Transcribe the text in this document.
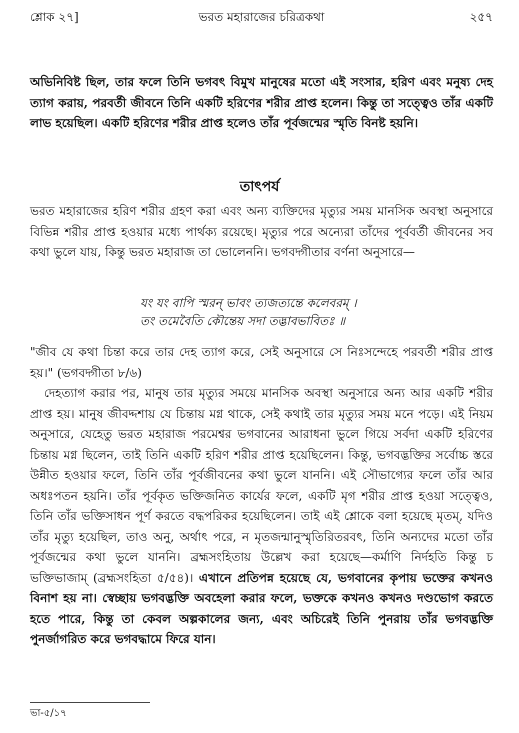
শ্লোক ২৭]	ভরত মহারাজের চরিত্রকথা	২৫৭
অভিনিবিষ্ট ছিল, তার ফলে তিনি ভগবৎ বিমুখ মানুষের মতো এই সংসার, হরিণ এবং মনুষ্য দেহ ত্যাগ করায়, পরবর্তী জীবনে তিনি একটি হরিণের শরীর প্রাপ্ত হলেন। কিন্তু তা সত্ত্বেও তাঁর একটি লাভ হয়েছিল। একটি হরিণের শরীর প্রাপ্ত হলেও তাঁর পূর্বজন্মের স্মৃতি বিনষ্ট হয়নি।
তাৎপর্য
ভরত মহারাজের হরিণ শরীর গ্রহণ করা এবং অন্য ব্যক্তিদের মৃত্যুর সময় মানসিক অবস্থা অনুসারে বিভিন্ন শরীর প্রাপ্ত হওয়ার মধ্যে পার্থক্য রয়েছে। মৃত্যুর পরে অন্যেরা তাঁদের পূর্ববর্তী জীবনের সব কথা ভুলে যায়, কিন্তু ভরত মহারাজ তা ভোলেননি। ভগবদ্গীতার বর্ণনা অনুসারে—
যং যং বাপি স্মরন্ ভাবং ত্যজত্যন্তে কলেবরম্ ।
তং তমেবৈতি কৌন্তেয় সদা তদ্ভাবভাবিতঃ ॥
"জীব যে কথা চিন্তা করে তার দেহ ত্যাগ করে, সেই অনুসারে সে নিঃসন্দেহে পরবর্তী শরীর প্রাপ্ত হয়।" (ভগবদ্গীতা ৮/৬)
দেহত্যাগ করার পর, মানুষ তার মৃত্যুর সময়ে মানসিক অবস্থা অনুসারে অন্য আর একটি শরীর প্রাপ্ত হয়। মানুষ জীবদ্দশায় যে চিন্তায় মগ্ন থাকে, সেই কথাই তার মৃত্যুর সময় মনে পড়ে। এই নিয়ম অনুসারে, যেহেতু ভরত মহারাজ পরমেশ্বর ভগবানের আরাধনা ভুলে গিয়ে সর্বদা একটি হরিণের চিন্তায় মগ্ন ছিলেন, তাই তিনি একটি হরিণ শরীর প্রাপ্ত হয়েছিলেন। কিন্তু, ভগবদ্ভক্তির সর্বোচ্চ স্তরে উন্নীত হওয়ার ফলে, তিনি তাঁর পূর্বজীবনের কথা ভুলে যাননি। এই সৌভাগ্যের ফলে তাঁর আর অধঃপতন হয়নি। তাঁর পূর্বকৃত ভক্তিজনিত কার্যের ফলে, একটি মৃগ শরীর প্রাপ্ত হওয়া সত্ত্বেও, তিনি তাঁর ভক্তিসাধন পূর্ণ করতে বদ্ধপরিকর হয়েছিলেন। তাই এই শ্লোকে বলা হয়েছে মৃতম্, যদিও তাঁর মৃত্যু হয়েছিল, তাও অনু, অর্থাৎ পরে, ন মৃতজন্মানুস্মৃতিরিতরবৎ, তিনি অন্যদের মতো তাঁর পূর্বজন্মের কথা ভুলে যাননি। ব্রহ্মসংহিতায় উল্লেখ করা হয়েছে—কর্মাণি নির্দহতি কিন্তু চ ভক্তিভাজাম্ (ব্রহ্মসংহিতা ৫/৫৪)। এখানে প্রতিপন্ন হয়েছে যে, ভগবানের কৃপায় ভক্তের কখনও বিনাশ হয় না। স্বেচ্ছায় ভগবদ্ভক্তি অবহেলা করার ফলে, ভক্তকে কখনও কখনও দণ্ডভোগ করতে হতে পারে, কিন্তু তা কেবল অল্পকালের জন্য, এবং অচিরেই তিনি পুনরায় তাঁর ভগবদ্ভক্তি পুনর্জাগরিত করে ভগবদ্ধামে ফিরে যান।
ভা-৫/১৭
